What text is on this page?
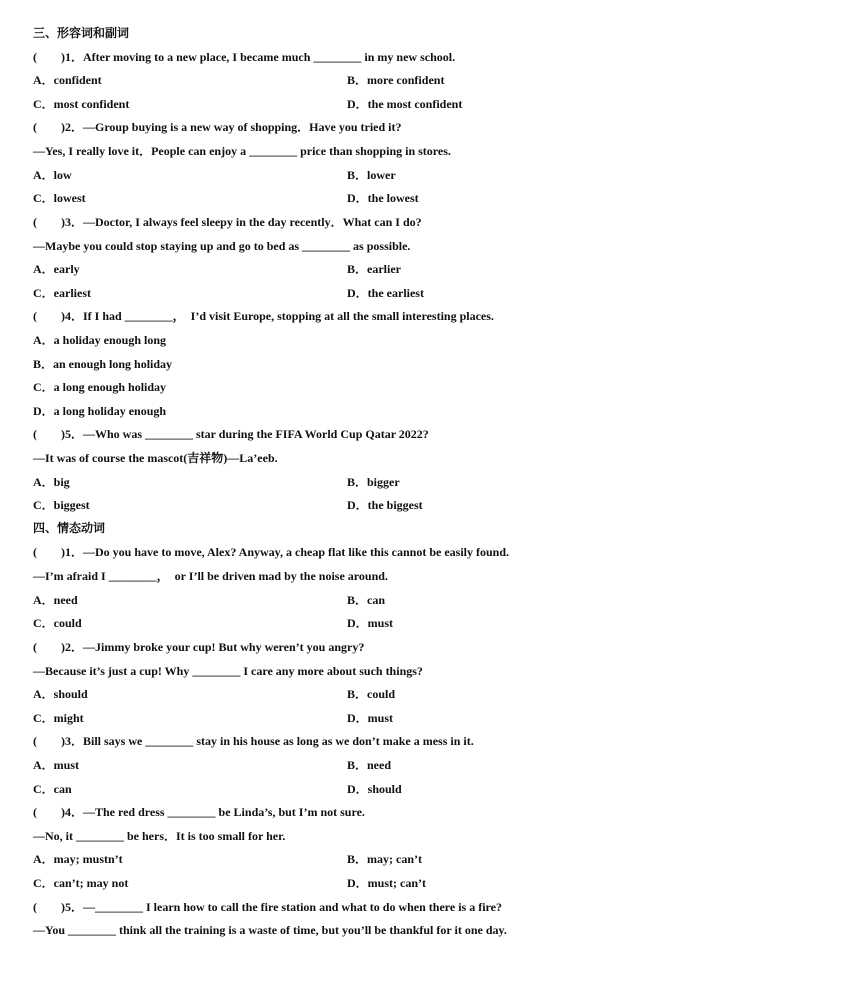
三、形容词和副词

(　　)1．After moving to a new place, I became much ________ in my new school.

A．confident	B．more confident

C．most confident	D．the most confident

(　　)2．—Group buying is a new way of shopping．Have you tried it?

—Yes, I really love it．People can enjoy a ________ price than shopping in stores.

A．low	B．lower

C．lowest	D．the lowest

(　　)3．—Doctor, I always feel sleepy in the day recently．What can I do?

—Maybe you could stop staying up and go to bed as ________ as possible.

A．early	B．earlier

C．earliest	D．the earliest

(　　)4．If I had ________，　I’d visit Europe, stopping at all the small interesting places.

A．a holiday enough long

B．an enough long holiday

C．a long enough holiday

D．a long holiday enough

(　　)5．—Who was ________ star during the FIFA World Cup Qatar 2022?

—It was of course the mascot(吉祥物)—La’eeb.

A．big	B．bigger

C．biggest	D．the biggest

四、情态动词

(　　)1．—Do you have to move, Alex? Anyway, a cheap flat like this cannot be easily found.

—I’m afraid I ________，　or I’ll be driven mad by the noise around.

A．need	B．can

C．could	D．must

(　　)2．—Jimmy broke your cup! But why weren’t you angry?

—Because it’s just a cup! Why ________ I care any more about such things?

A．should	B．could

C．might	D．must

(　　)3．Bill says we ________ stay in his house as long as we don’t make a mess in it.

A．must	B．need

C．can	D．should

(　　)4．—The red dress ________ be Linda’s, but I’m not sure.

—No, it ________ be hers．It is too small for her.

A．may; mustn’t	B．may; can’t

C．can’t; may not	D．must; can’t

(　　)5．—________ I learn how to call the fire station and what to do when there is a fire?

—You ________ think all the training is a waste of time, but you’ll be thankful for it one day.
